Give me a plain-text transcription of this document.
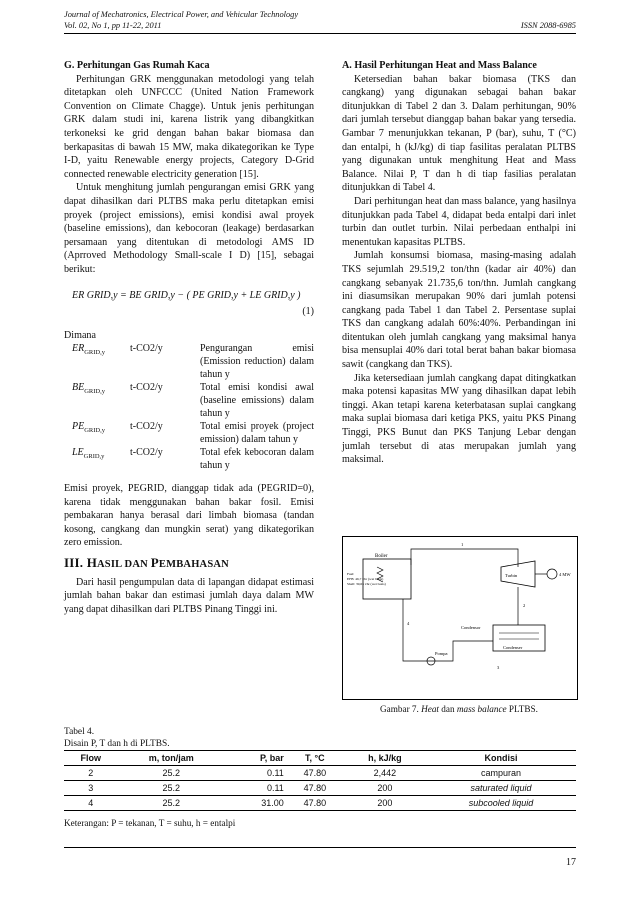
Journal of Mechatronics, Electrical Power, and Vehicular Technology
Vol. 02, No 1, pp 11-22, 2011	ISSN 2088-6985
G. Perhitungan Gas Rumah Kaca

Perhitungan GRK menggunakan metodologi yang telah ditetapkan oleh UNFCCC (United Nation Framework Convention on Climate Chagge). Untuk jenis perhitungan GRK dalam studi ini, karena listrik yang dibangkitkan terkoneksi ke grid dengan bahan bakar biomasa dan berkapasitas di bawah 15 MW, maka dikategorikan ke Type I-D, yaitu Renewable energy projects, Category D-Grid connected renewable electricity generation [15].

Untuk menghitung jumlah pengurangan emisi GRK yang dapat dihasilkan dari PLTBS maka perlu ditetapkan emisi proyek (project emissions), emisi kondisi awal proyek (baseline emissions), dan kebocoran (leakage) berdasarkan persamaan yang ditentukan di metodologi AMS ID (Aprroved Methodology Small-scale I D) [15], sebagai berikut:

ER GRID,y = BE GRID,y − ( PE GRID,y + LE GRID,y )
(1)

Dimana

$ER_{GRID,y}$	t-CO2/y	Pengurangan emisi (Emission reduction) dalam tahun y
$BE_{GRID,y}$	t-CO2/y	Total emisi kondisi awal (baseline emissions) dalam tahun y
$PE_{GRID,y}$	t-CO2/y	Total emisi proyek (project emission) dalam tahun y
$LE_{GRID,y}$	t-CO2/y	Total efek kebocoran dalam tahun y

Emisi proyek, PEGRID, dianggap tidak ada (PEGRID=0), karena tidak menggunakan bahan bakar fosil. Emisi pembakaran hanya berasal dari limbah biomasa (tandan kosong, cangkang dan mungkin serat) yang dikategorikan zero emission.

III. HASIL DAN PEMBAHASAN

Dari hasil pengumpulan data di lapangan didapat estimasi jumlah bahan bakar dan estimasi jumlah daya dalam MW yang dapat dihasilkan dari PLTBS Pinang Tinggi ini.

A. Hasil Perhitungan Heat and Mass Balance

Ketersedian bahan bakar biomasa (TKS dan cangkang) yang digunakan sebagai bahan bakar ditunjukkan di Tabel 2 dan 3. Dalam perhitungan, 90% dari jumlah tersebut dianggap bahan bakar yang tersedia. Gambar 7 menunjukkan tekanan, P (bar), suhu, T (°C) dan entalpi, h (kJ/kg) di tiap fasilitas peralatan PLTBS yang digunakan untuk menghitung Heat and Mass Balance. Nilai P, T dan h di tiap fasilias peralatan ditunjukkan di Tabel 4.

Dari perhitungan heat dan mass balance, yang hasilnya ditunjukkan pada Tabel 4, didapat beda entalpi dari inlet turbin dan outlet turbin. Nilai perbedaan enthalpi ini menentukan kapasitas PLTBS.

Jumlah konsumsi biomasa, masing-masing adalah TKS sejumlah 29.519,2 ton/thn (kadar air 40%) dan cangkang sebanyak 21.735,6 ton/thn. Jumlah cangkang ini diasumsikan merupakan 90% dari jumlah potensi cangkang pada Tabel 1 dan Tabel 2. Persentase suplai TKS dan cangkang adalah 60%:40%. Perbandingan ini ditentukan oleh jumlah cangkang yang maksimal hanya bisa mensuplai 40% dari total berat bahan bakar biomasa sawit (cangkang dan TKS).

Jika ketersediaan jumlah cangkang dapat ditingkatkan maka potensi kapasitas MW yang dihasilkan dapat lebih tinggi. Akan tetapi karena keterbatasan suplai cangkang maka suplai biomasa dari ketiga PKS, yaitu PKS Pinang Tinggi, PKS Bunut dan PKS Tanjung Lebar dengan jumlah tersebut di atas merupakan jumlah yang maksimal.

Boiler
Fuel:
EFB: 46,7 t/hr (wet basis)
Shell: 39,63 t/hr (wet basis)
1
Turbin	4 MW
2
Condenser
Condensor
Pompa
3
4
Gambar 7. Heat dan mass balance PLTBS.
Tabel 4.
Disain P, T dan h di PLTBS.
Flow	m, ton/jam	P, bar	T, °C	h, kJ/kg	Kondisi
2	25.2	0.11	47.80	2,442	campuran
3	25.2	0.11	47.80	200	saturated liquid
4	25.2	31.00	47.80	200	subcooled liquid
Keterangan: P = tekanan, T = suhu, h = entalpi
17
